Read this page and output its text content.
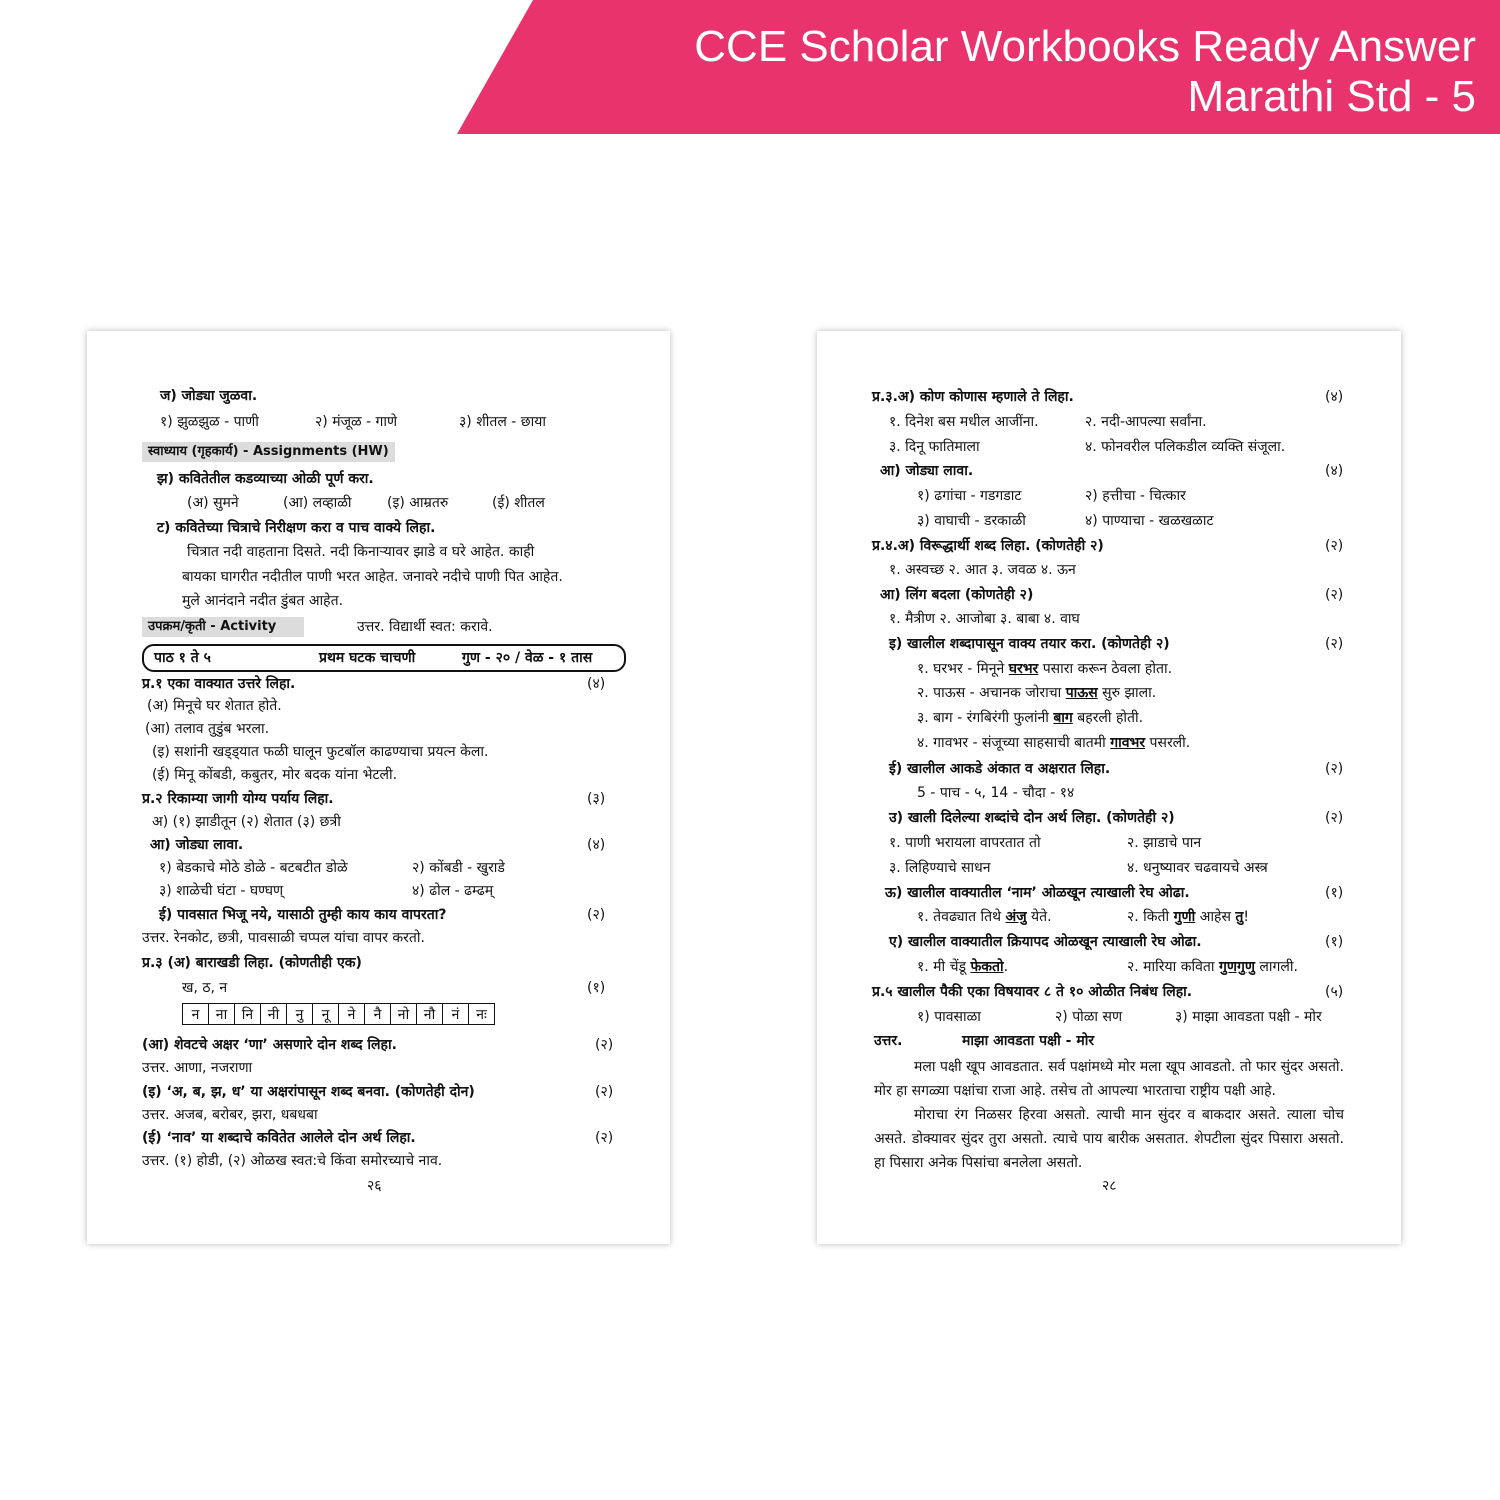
CCE Scholar Workbooks Ready Answer
Marathi Std - 5
ज) जोड्या जुळवा.
१) झुळझुळ - पाणी	२) मंजूळ - गाणे	३) शीतल - छाया
स्वाध्याय (गृहकार्य) - Assignments (HW)
झ) कवितेतील कडव्याच्या ओळी पूर्ण करा.
(अ) सुमने	(आ) लव्हाळी	(इ) आम्रतरु	(ई) शीतल
ट) कवितेच्या चित्राचे निरीक्षण करा व पाच वाक्ये लिहा.
चित्रात नदी वाहताना दिसते. नदी किनाऱ्यावर झाडे व घरे आहेत. काही
बायका घागरीत नदीतील पाणी भरत आहेत. जनावरे नदीचे पाणी पित आहेत.
मुले आनंदाने नदीत डुंबत आहेत.
उपक्रम/कृती - Activity	उत्तर. विद्यार्थी स्वत: करावे.
पाठ १ ते ५	प्रथम घटक चाचणी	गुण - २० / वेळ - १ तास
प्र.१ एका वाक्यात उत्तरे लिहा.	(४)
(अ) मिनूचे घर शेतात होते.
(आ) तलाव तुडुंब भरला.
(इ) सशांनी खड्ड्यात फळी घालून फुटबॉल काढण्याचा प्रयत्न केला.
(ई) मिनू कोंबडी, कबुतर, मोर बदक यांना भेटली.
प्र.२ रिकाम्या जागी योग्य पर्याय लिहा.	(३)
अ) (१) झाडीतून (२) शेतात (३) छत्री
आ) जोड्या लावा.	(४)
१) बेडकाचे मोठे डोळे - बटबटीत डोळे	२) कोंबडी - खुराडे
३) शाळेची घंटा - घण्घण्	४) ढोल - ढम्ढम्
ई) पावसात भिजू नये, यासाठी तुम्ही काय काय वापरता?	(२)
उत्तर. रेनकोट, छत्री, पावसाळी चप्पल यांचा वापर करतो.
प्र.३ (अ) बाराखडी लिहा. (कोणतीही एक)
ख, ठ, न	(१)
न	ना	नि	नी	नु	नू	ने	नै	नो	नौ	नं	नः
(आ) शेवटचे अक्षर ‘णा’ असणारे दोन शब्द लिहा.	(२)
उत्तर. आणा, नजराणा
(इ) ‘अ, ब, झ, ध’ या अक्षरांपासून शब्द बनवा. (कोणतेही दोन)	(२)
उत्तर. अजब, बरोबर, झरा, धबधबा
(ई) ‘नाव’ या शब्दाचे कवितेत आलेले दोन अर्थ लिहा.	(२)
उत्तर. (१) होडी, (२) ओळख स्वत:चे किंवा समोरच्याचे नाव.
२६
प्र.३.अ) कोण कोणास म्हणाले ते लिहा.	(४)
१. दिनेश बस मधील आजींना.	२. नदी-आपल्या सर्वांना.
३. दिनू फातिमाला	४. फोनवरील पलिकडील व्यक्ति संजूला.
आ) जोड्या लावा.	(४)
१) ढगांचा - गडगडाट	२) हत्तीचा - चित्कार
३) वाघाची - डरकाळी	४) पाण्याचा - खळखळाट
प्र.४.अ) विरूद्धार्थी शब्द लिहा. (कोणतेही २)	(२)
१. अस्वच्छ २. आत ३. जवळ ४. ऊन
आ) लिंग बदला (कोणतेही २)	(२)
१. मैत्रीण २. आजोबा ३. बाबा ४. वाघ
इ) खालील शब्दापासून वाक्य तयार करा. (कोणतेही २)	(२)
१. घरभर - मिनूने घरभर पसारा करून ठेवला होता.
२. पाऊस - अचानक जोराचा पाऊस सुरु झाला.
३. बाग - रंगबिरंगी फुलांनी बाग बहरली होती.
४. गावभर - संजूच्या साहसाची बातमी गावभर पसरली.
ई) खालील आकडे अंकात व अक्षरात लिहा.	(२)
5 - पाच - ५, 14 - चौदा - १४
उ) खाली दिलेल्या शब्दांचे दोन अर्थ लिहा. (कोणतेही २)	(२)
१. पाणी भरायला वापरतात तो	२. झाडाचे पान
३. लिहिण्याचे साधन	४. धनुष्यावर चढवायचे अस्त्र
ऊ) खालील वाक्यातील ‘नाम’ ओळखून त्याखाली रेघ ओढा.	(१)
१. तेवढ्यात तिथे अंजु येते.	२. किती गुणी आहेस तु!
ए) खालील वाक्यातील क्रियापद ओळखून त्याखाली रेघ ओढा.	(१)
१. मी चेंडू फेकतो.	२. मारिया कविता गुणगुणु लागली.
प्र.५ खालील पैकी एका विषयावर ८ ते १० ओळीत निबंध लिहा.	(५)
१) पावसाळा	२) पोळा सण	३) माझा आवडता पक्षी - मोर
उत्तर.	माझा आवडता पक्षी - मोर
मला पक्षी खूप आवडतात. सर्व पक्षांमध्ये मोर मला खूप आवडतो. तो फार सुंदर असतो. मोर हा सगळ्या पक्षांचा राजा आहे. तसेच तो आपल्या भारताचा राष्ट्रीय पक्षी आहे.
मोराचा रंग निळसर हिरवा असतो. त्याची मान सुंदर व बाकदार असते. त्याला चोच असते. डोक्यावर सुंदर तुरा असतो. त्याचे पाय बारीक असतात. शेपटीला सुंदर पिसारा असतो. हा पिसारा अनेक पिसांचा बनलेला असतो.
२८
